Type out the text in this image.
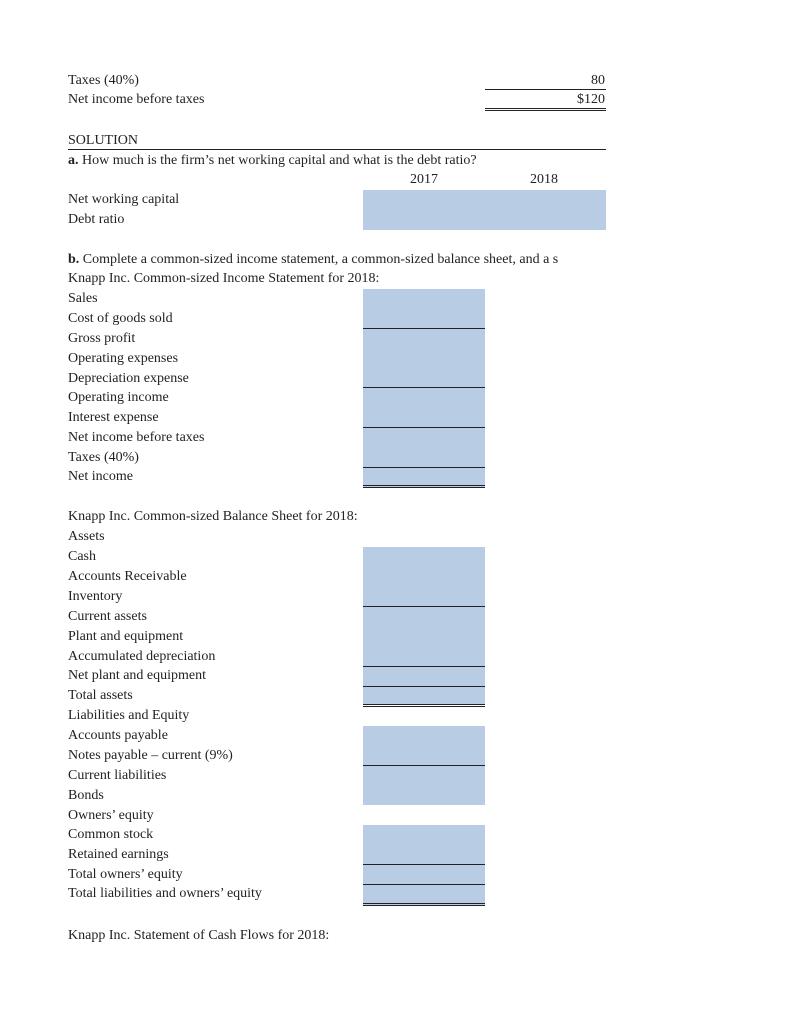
Taxes (40%)	80
Net income before taxes	$120
SOLUTION
a. How much is the firm’s net working capital and what is the debt ratio?
2017	2018
Net working capital
Debt ratio
b. Complete a common-sized income statement, a common-sized balance sheet, and a s
Knapp Inc. Common-sized Income Statement for 2018:
Sales
Cost of goods sold
Gross profit
Operating expenses
Depreciation expense
Operating income
Interest expense
Net income before taxes
Taxes (40%)
Net income
Knapp Inc. Common-sized Balance Sheet for 2018:
Assets
Cash
Accounts Receivable
Inventory
Current assets
Plant and equipment
Accumulated depreciation
Net plant and equipment
Total assets
Liabilities and Equity
Accounts payable
Notes payable – current (9%)
Current liabilities
Bonds
Owners’ equity
Common stock
Retained earnings
Total owners’ equity
Total liabilities and owners’ equity
Knapp Inc. Statement of Cash Flows for 2018:
